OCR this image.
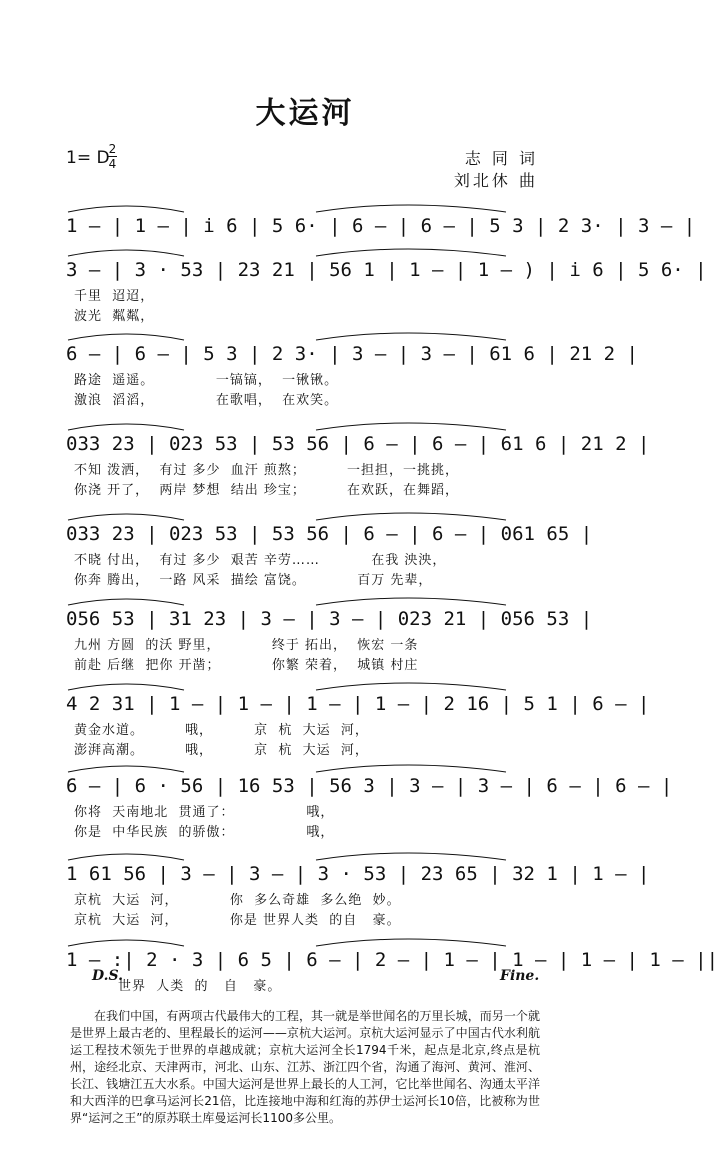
大运河
1= D 2
4	志 同 词
刘北休 曲
1 – | 1 – | i 6 | 5 6· | 6 – | 6 – | 5 3 | 2 3· | 3 – |
3 – | 3 · 53 | 23 21 | 56 1 | 1 – | 1 – ) | i 6 | 5 6· |
千里  迢迢，
波光  粼粼，
6 – | 6 – | 5 3 | 2 3· | 3 – | 3 – | 61 6 | 21 2 |
路途  遥遥。            一镐镐，  一锹锹。
激浪  滔滔，            在歌唱，  在欢笑。
033 23 | 023 53 | 53 56 | 6 – | 6 – | 61 6 | 21 2 |
不知 泼洒，  有过 多少  血汗 煎熬；        一担担，一挑挑，
你浇 开了，  两岸 梦想  结出 珍宝；        在欢跃，在舞蹈，
033 23 | 023 53 | 53 56 | 6 – | 6 – | 061 65 |
不晓 付出，  有过 多少  艰苦 辛劳……          在我 泱泱，
你奔 腾出，  一路 风采  描绘 富饶。          百万 先辈，
056 53 | 31 23 | 3 – | 3 – | 023 21 | 056 53 |
九州 方圆  的沃 野里，          终于 拓出，  恢宏 一条
前赴 后继  把你 开凿；          你繁 荣着，  城镇 村庄
4 2 31 | 1 – | 1 – | 1 – | 1 – | 2 16 | 5 1 | 6 – |
黄金水道。        哦，        京  杭  大运  河，
澎湃高潮。        哦，        京  杭  大运  河，
6 – | 6 · 56 | 16 53 | 56 3 | 3 – | 3 – | 6 – | 6 – |
你将  天南地北  贯通了：              哦，
你是  中华民族  的骄傲：              哦，
1 61 56 | 3 – | 3 – | 3 · 53 | 23 65 | 32 1 | 1 – |
京杭  大运  河，          你  多么奇雄  多么绝  妙。
京杭  大运  河，          你是 世界人类  的自   豪。
1 – :| 2 · 3 | 6 5 | 6 – | 2 – | 1 – | 1 – | 1 – | 1 – ||
世界  人类  的   自   豪。
D.S.	Fine.
在我们中国，有两项古代最伟大的工程，其一就是举世闻名的万里长城，而另一个就是世界上最古老的、里程最长的运河——京杭大运河。京杭大运河显示了中国古代水利航运工程技术领先于世界的卓越成就；京杭大运河全长1794千米，起点是北京,终点是杭州，途经北京、天津两市，河北、山东、江苏、浙江四个省，沟通了海河、黄河、淮河、长江、钱塘江五大水系。中国大运河是世界上最长的人工河，它比举世闻名、沟通太平洋和大西洋的巴拿马运河长21倍，比连接地中海和红海的苏伊士运河长10倍，比被称为世界“运河之王”的原苏联土库曼运河长1100多公里。
